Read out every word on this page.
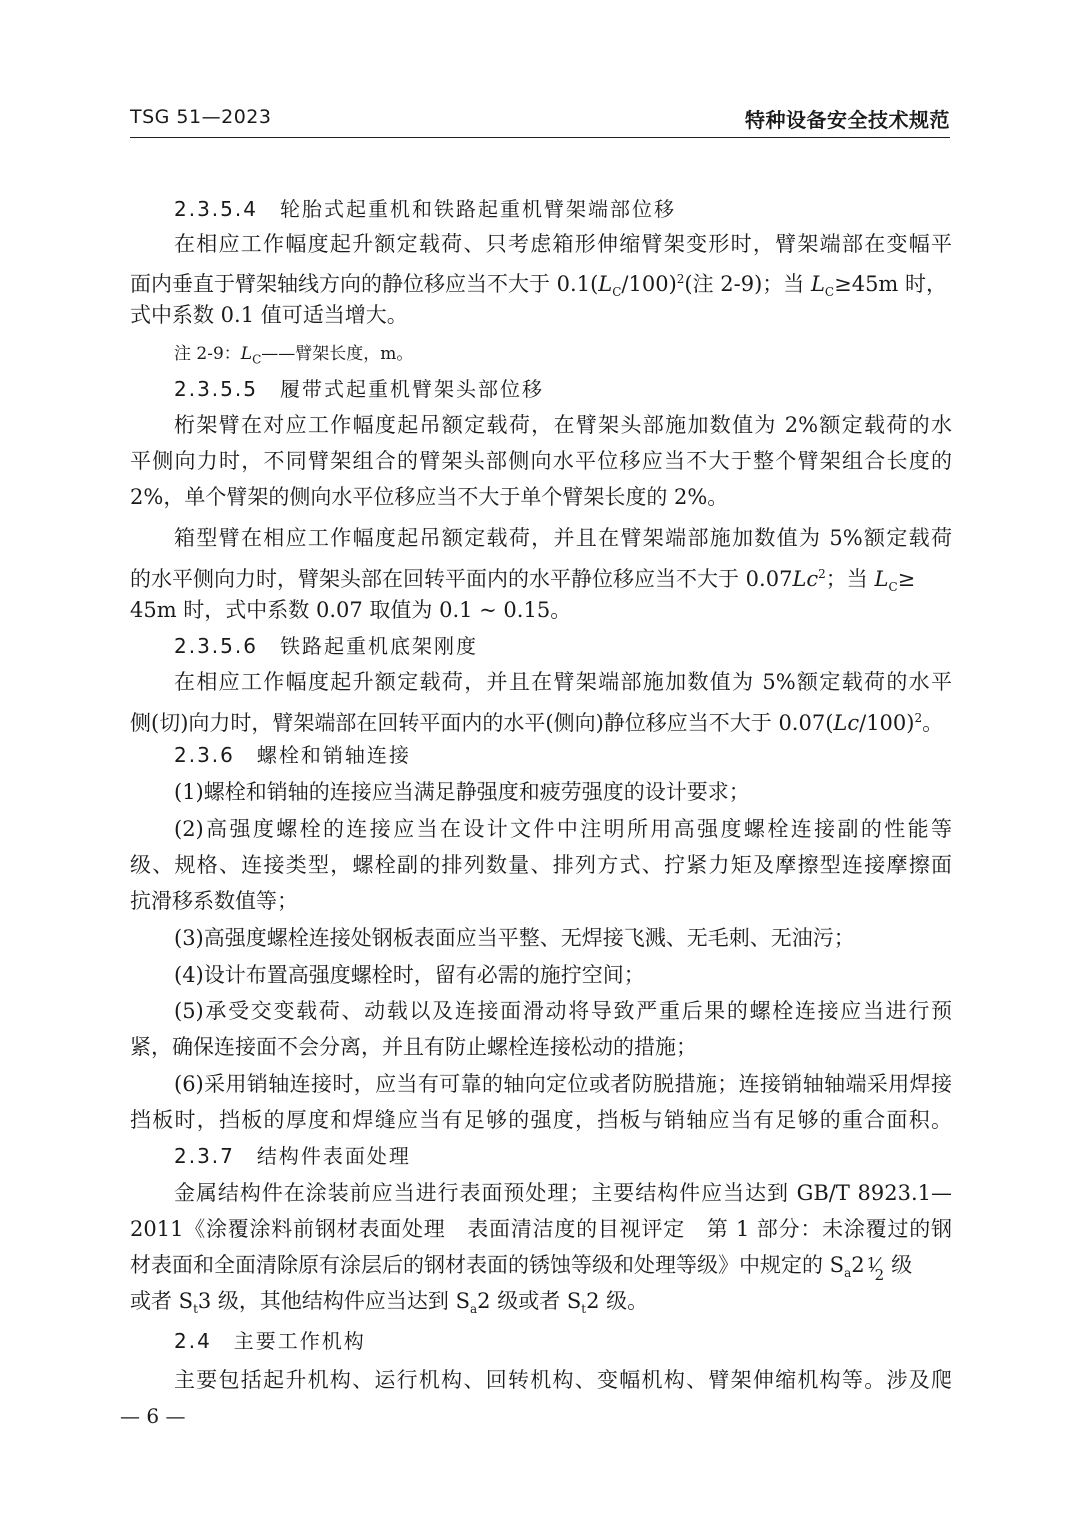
TSG 51—2023	特种设备安全技术规范
2.3.5.4　轮胎式起重机和铁路起重机臂架端部位移
在相应工作幅度起升额定载荷、只考虑箱形伸缩臂架变形时，臂架端部在变幅平
面内垂直于臂架轴线方向的静位移应当不大于 $0.1(L_C/100)^2$(注 2-9)；当 $L_C\ge 45m$ 时，
式中系数 0.1 值可适当增大。
注 2-9：$L_C——$臂架长度，m。
2.3.5.5　履带式起重机臂架头部位移
桁架臂在对应工作幅度起吊额定载荷，在臂架头部施加数值为 2%额定载荷的水
平侧向力时，不同臂架组合的臂架头部侧向水平位移应当不大于整个臂架组合长度的
2%，单个臂架的侧向水平位移应当不大于单个臂架长度的 2%。
箱型臂在相应工作幅度起吊额定载荷，并且在臂架端部施加数值为 5%额定载荷
的水平侧向力时，臂架头部在回转平面内的水平静位移应当不大于 0.07Lc$^2$；当 $L_C\ge$
45m 时，式中系数 0.07 取值为 0.1 ~ 0.15。
2.3.5.6　铁路起重机底架刚度
在相应工作幅度起升额定载荷，并且在臂架端部施加数值为 5%额定载荷的水平
侧(切)向力时，臂架端部在回转平面内的水平(侧向)静位移应当不大于 $0.07(Lc/100)^2$。
2.3.6　螺栓和销轴连接
(1)螺栓和销轴的连接应当满足静强度和疲劳强度的设计要求；
(2)高强度螺栓的连接应当在设计文件中注明所用高强度螺栓连接副的性能等
级、规格、连接类型，螺栓副的排列数量、排列方式、拧紧力矩及摩擦型连接摩擦面
抗滑移系数值等；
(3)高强度螺栓连接处钢板表面应当平整、无焊接飞溅、无毛刺、无油污；
(4)设计布置高强度螺栓时，留有必需的施拧空间；
(5)承受交变载荷、动载以及连接面滑动将导致严重后果的螺栓连接应当进行预
紧，确保连接面不会分离，并且有防止螺栓连接松动的措施；
(6)采用销轴连接时，应当有可靠的轴向定位或者防脱措施；连接销轴轴端采用焊接
挡板时，挡板的厚度和焊缝应当有足够的强度，挡板与销轴应当有足够的重合面积。
2.3.7　结构件表面处理
金属结构件在涂装前应当进行表面预处理；主要结构件应当达到 GB/T 8923.1—
2011《涂覆涂料前钢材表面处理　表面清洁度的目视评定　第 1 部分：未涂覆过的钢
材表面和全面清除原有涂层后的钢材表面的锈蚀等级和处理等级》中规定的 $S_a2$ 1
2 级
或者 $S_t3$ 级，其他结构件应当达到 $S_a2$ 级或者 $S_t2$ 级。
2.4　主要工作机构
主要包括起升机构、运行机构、回转机构、变幅机构、臂架伸缩机构等。涉及爬
— 6 —
